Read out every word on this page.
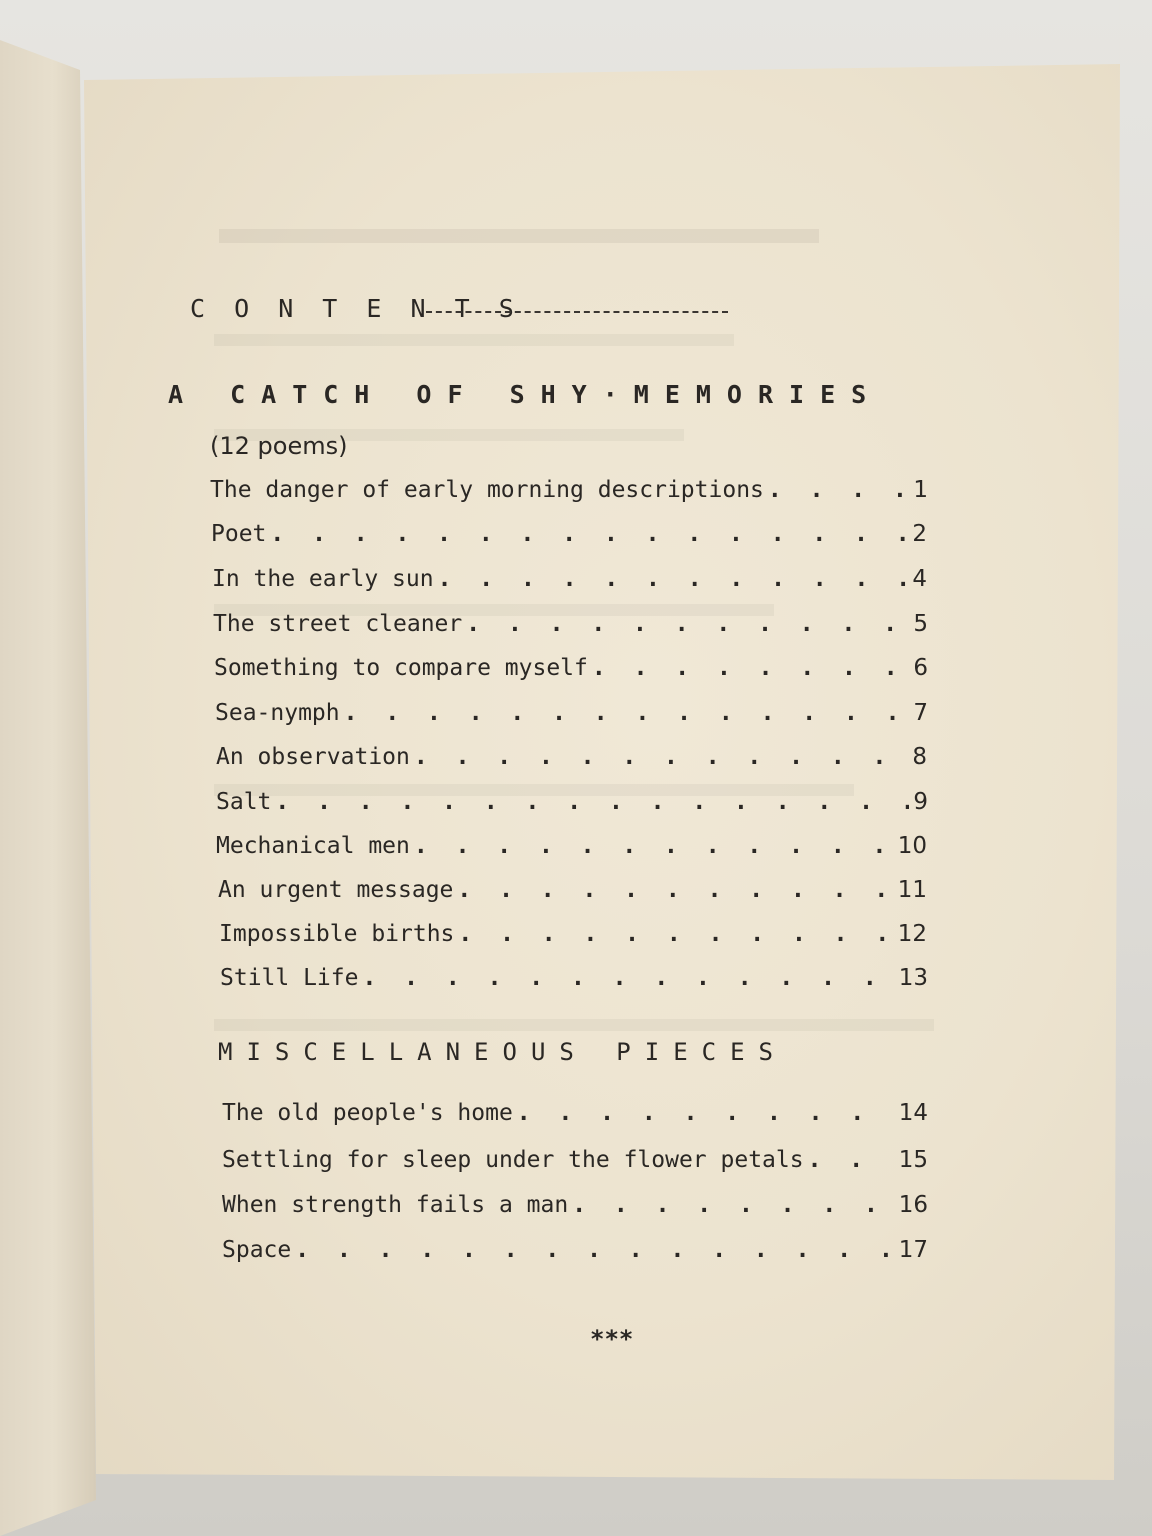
C O N T E N T S
A CATCH OF SHY·MEMORIES
(12 poems)
The danger of early morning descriptions . . .	1
Poet . . .	2
In the early sun . . .	4
The street cleaner . . .	5
Something to compare myself . . .	6
Sea-nymph . . .	7
An observation . . .	8
Salt . . .	9
Mechanical men . . .	10
An urgent message . . .	11
Impossible births . . .	12
Still Life . . .	13
MISCELLANEOUS PIECES
The old people's home . . .	14
Settling for sleep under the flower petals . . .	15
When strength fails a man . . .	16
Space . . .	17
***
